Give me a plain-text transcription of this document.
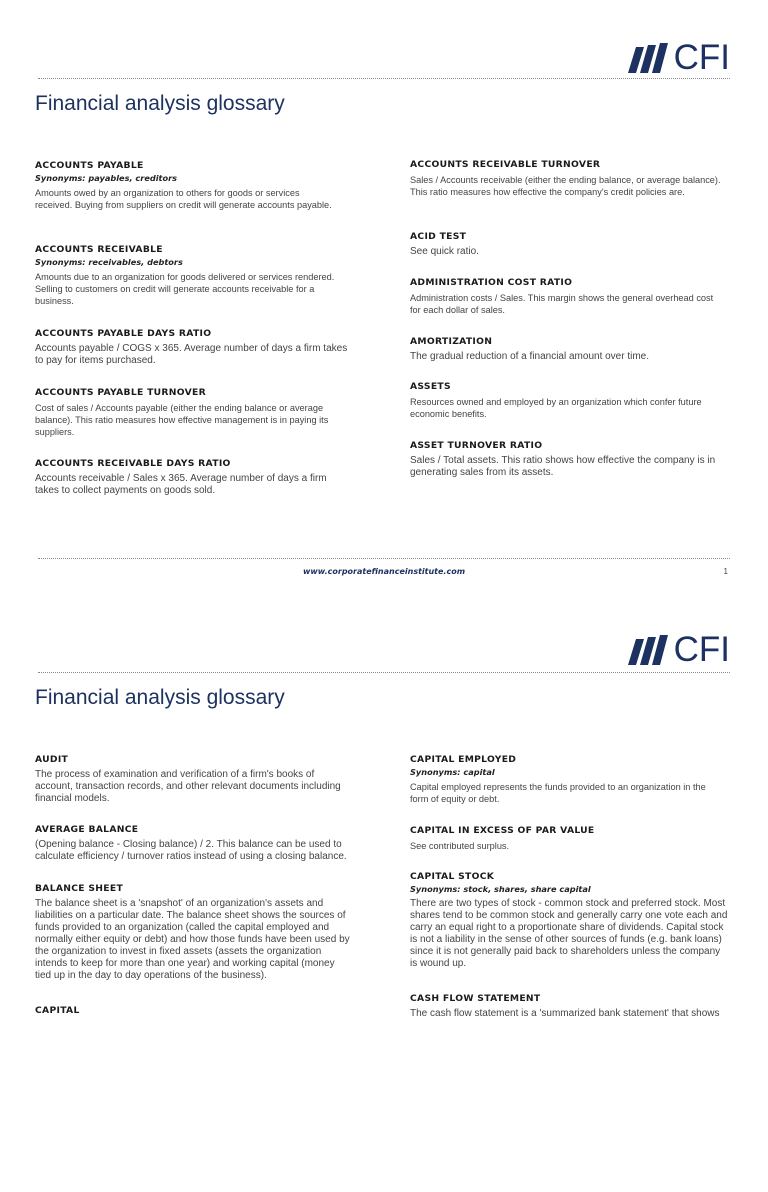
CFI
Financial analysis glossary
ACCOUNTS PAYABLE
Synonyms: payables, creditors
Amounts owed by an organization to others for goods or services received. Buying from suppliers on credit will generate accounts payable.
ACCOUNTS RECEIVABLE
Synonyms: receivables, debtors
Amounts due to an organization for goods delivered or services rendered. Selling to customers on credit will generate accounts receivable for a business.
ACCOUNTS PAYABLE DAYS RATIO
Accounts payable / COGS x 365. Average number of days a firm takes to pay for items purchased.
ACCOUNTS PAYABLE TURNOVER
Cost of sales / Accounts payable (either the ending balance or average balance). This ratio measures how effective management is in paying its suppliers.
ACCOUNTS RECEIVABLE DAYS RATIO
Accounts receivable / Sales x 365. Average number of days a firm takes to collect payments on goods sold.
ACCOUNTS RECEIVABLE TURNOVER
Sales / Accounts receivable (either the ending balance, or average balance). This ratio measures how effective the company's credit policies are.
ACID TEST
See quick ratio.
ADMINISTRATION COST RATIO
Administration costs / Sales. This margin shows the general overhead cost for each dollar of sales.
AMORTIZATION
The gradual reduction of a financial amount over time.
ASSETS
Resources owned and employed by an organization which confer future economic benefits.
ASSET TURNOVER RATIO
Sales / Total assets. This ratio shows how effective the company is in generating sales from its assets.
www.corporatefinanceinstitute.com	1
CFI
Financial analysis glossary
AUDIT
The process of examination and verification of a firm's books of account, transaction records, and other relevant documents including financial models.
AVERAGE BALANCE
(Opening balance - Closing balance) / 2. This balance can be used to calculate efficiency / turnover ratios instead of using a closing balance.
BALANCE SHEET
The balance sheet is a 'snapshot' of an organization's assets and liabilities on a particular date. The balance sheet shows the sources of funds provided to an organization (called the capital employed and normally either equity or debt) and how those funds have been used by the organization to invest in fixed assets (assets the organization intends to keep for more than one year) and working capital (money tied up in the day to day operations of the business).
CAPITAL
CAPITAL EMPLOYED
Synonyms: capital
Capital employed represents the funds provided to an organization in the form of equity or debt.
CAPITAL IN EXCESS OF PAR VALUE
See contributed surplus.
CAPITAL STOCK
Synonyms: stock, shares, share capital
There are two types of stock - common stock and preferred stock. Most shares tend to be common stock and generally carry one vote each and carry an equal right to a proportionate share of dividends. Capital stock is not a liability in the sense of other sources of funds (e.g. bank loans) since it is not generally paid back to shareholders unless the company is wound up.
CASH FLOW STATEMENT
The cash flow statement is a 'summarized bank statement' that shows
